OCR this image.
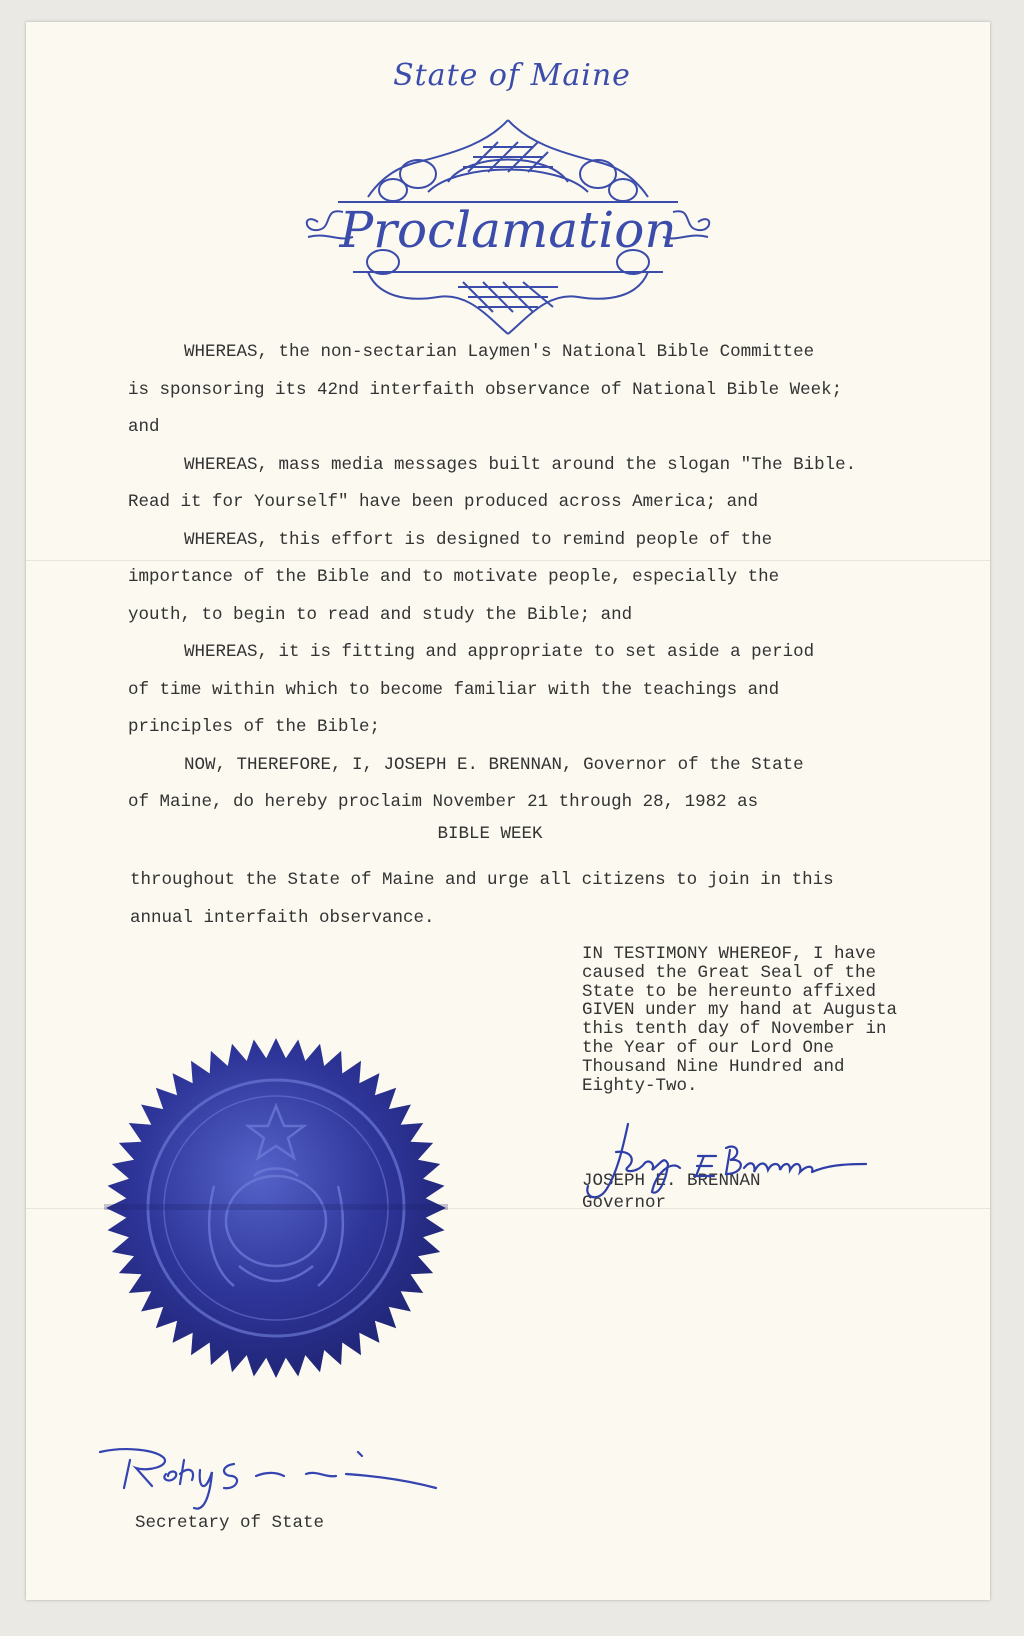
State of Maine
Proclamation

WHEREAS, the non-sectarian Laymen's National Bible Committee

is sponsoring its 42nd interfaith observance of National Bible Week;

and

WHEREAS, mass media messages built around the slogan "The Bible.

Read it for Yourself" have been produced across America; and

WHEREAS, this effort is designed to remind people of the

importance of the Bible and to motivate people, especially the

youth, to begin to read and study the Bible; and

WHEREAS, it is fitting and appropriate to set aside a period

of time within which to become familiar with the teachings and

principles of the Bible;

NOW, THEREFORE, I, JOSEPH E. BRENNAN, Governor of the State

of Maine, do hereby proclaim November 21 through 28, 1982 as

BIBLE WEEK

throughout the State of Maine and urge all citizens to join in this

annual interfaith observance.

IN TESTIMONY WHEREOF, I have
caused the Great Seal of the
State to be hereunto affixed
GIVEN under my hand at Augusta
this tenth day of November in
the Year of our Lord One
Thousand Nine Hundred and
Eighty-Two.
JOSEPH E. BRENNAN
Governor
Secretary of State
